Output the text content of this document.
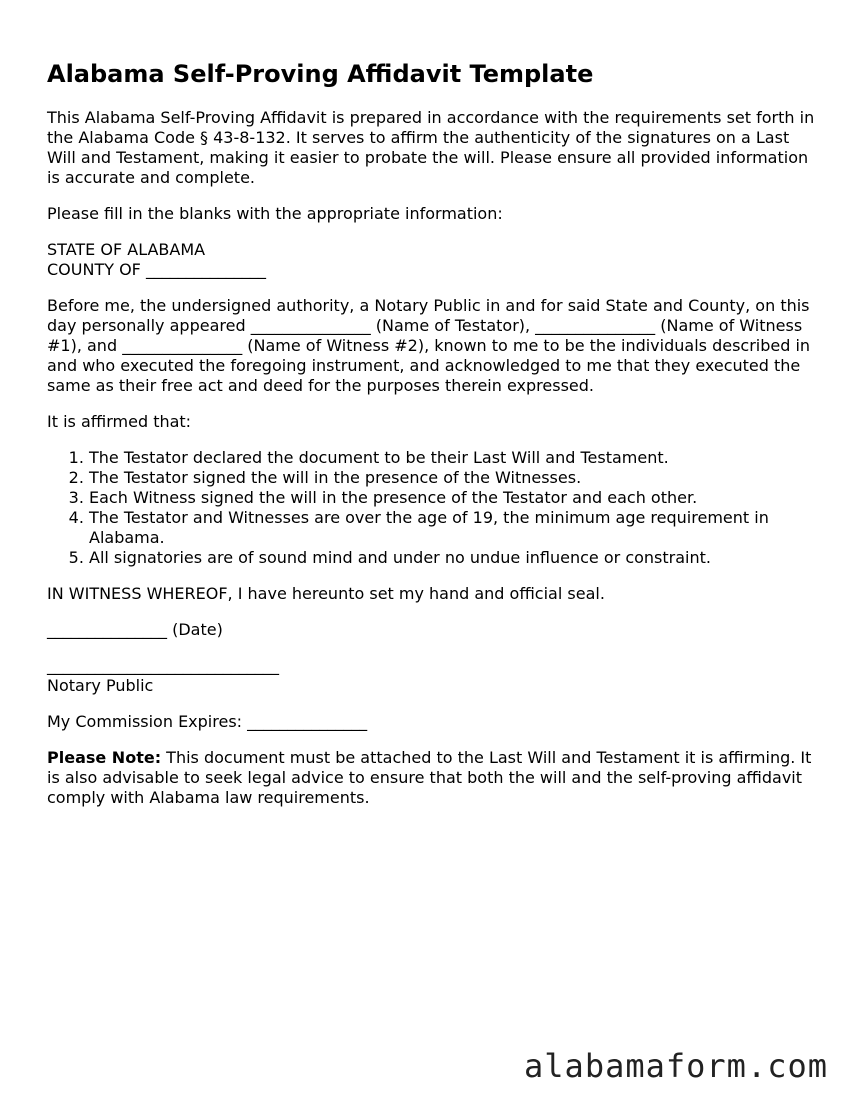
Alabama Self-Proving Affidavit Template

This Alabama Self-Proving Affidavit is prepared in accordance with the requirements set forth in the Alabama Code § 43-8-132. It serves to affirm the authenticity of the signatures on a Last Will and Testament, making it easier to probate the will. Please ensure all provided information is accurate and complete.

Please fill in the blanks with the appropriate information:

STATE OF ALABAMA
COUNTY OF _______________

Before me, the undersigned authority, a Notary Public in and for said State and County, on this day personally appeared _______________ (Name of Testator), _______________ (Name of Witness #1), and _______________ (Name of Witness #2), known to me to be the individuals described in and who executed the foregoing instrument, and acknowledged to me that they executed the same as their free act and deed for the purposes therein expressed.

It is affirmed that:

1. The Testator declared the document to be their Last Will and Testament.
2. The Testator signed the will in the presence of the Witnesses.
3. Each Witness signed the will in the presence of the Testator and each other.
4. The Testator and Witnesses are over the age of 19, the minimum age requirement in Alabama.
5. All signatories are of sound mind and under no undue influence or constraint.

IN WITNESS WHEREOF, I have hereunto set my hand and official seal.

_______________ (Date)

_____________________________
Notary Public

My Commission Expires: _______________

Please Note: This document must be attached to the Last Will and Testament it is affirming. It is also advisable to seek legal advice to ensure that both the will and the self-proving affidavit comply with Alabama law requirements.

alabamaform.com
